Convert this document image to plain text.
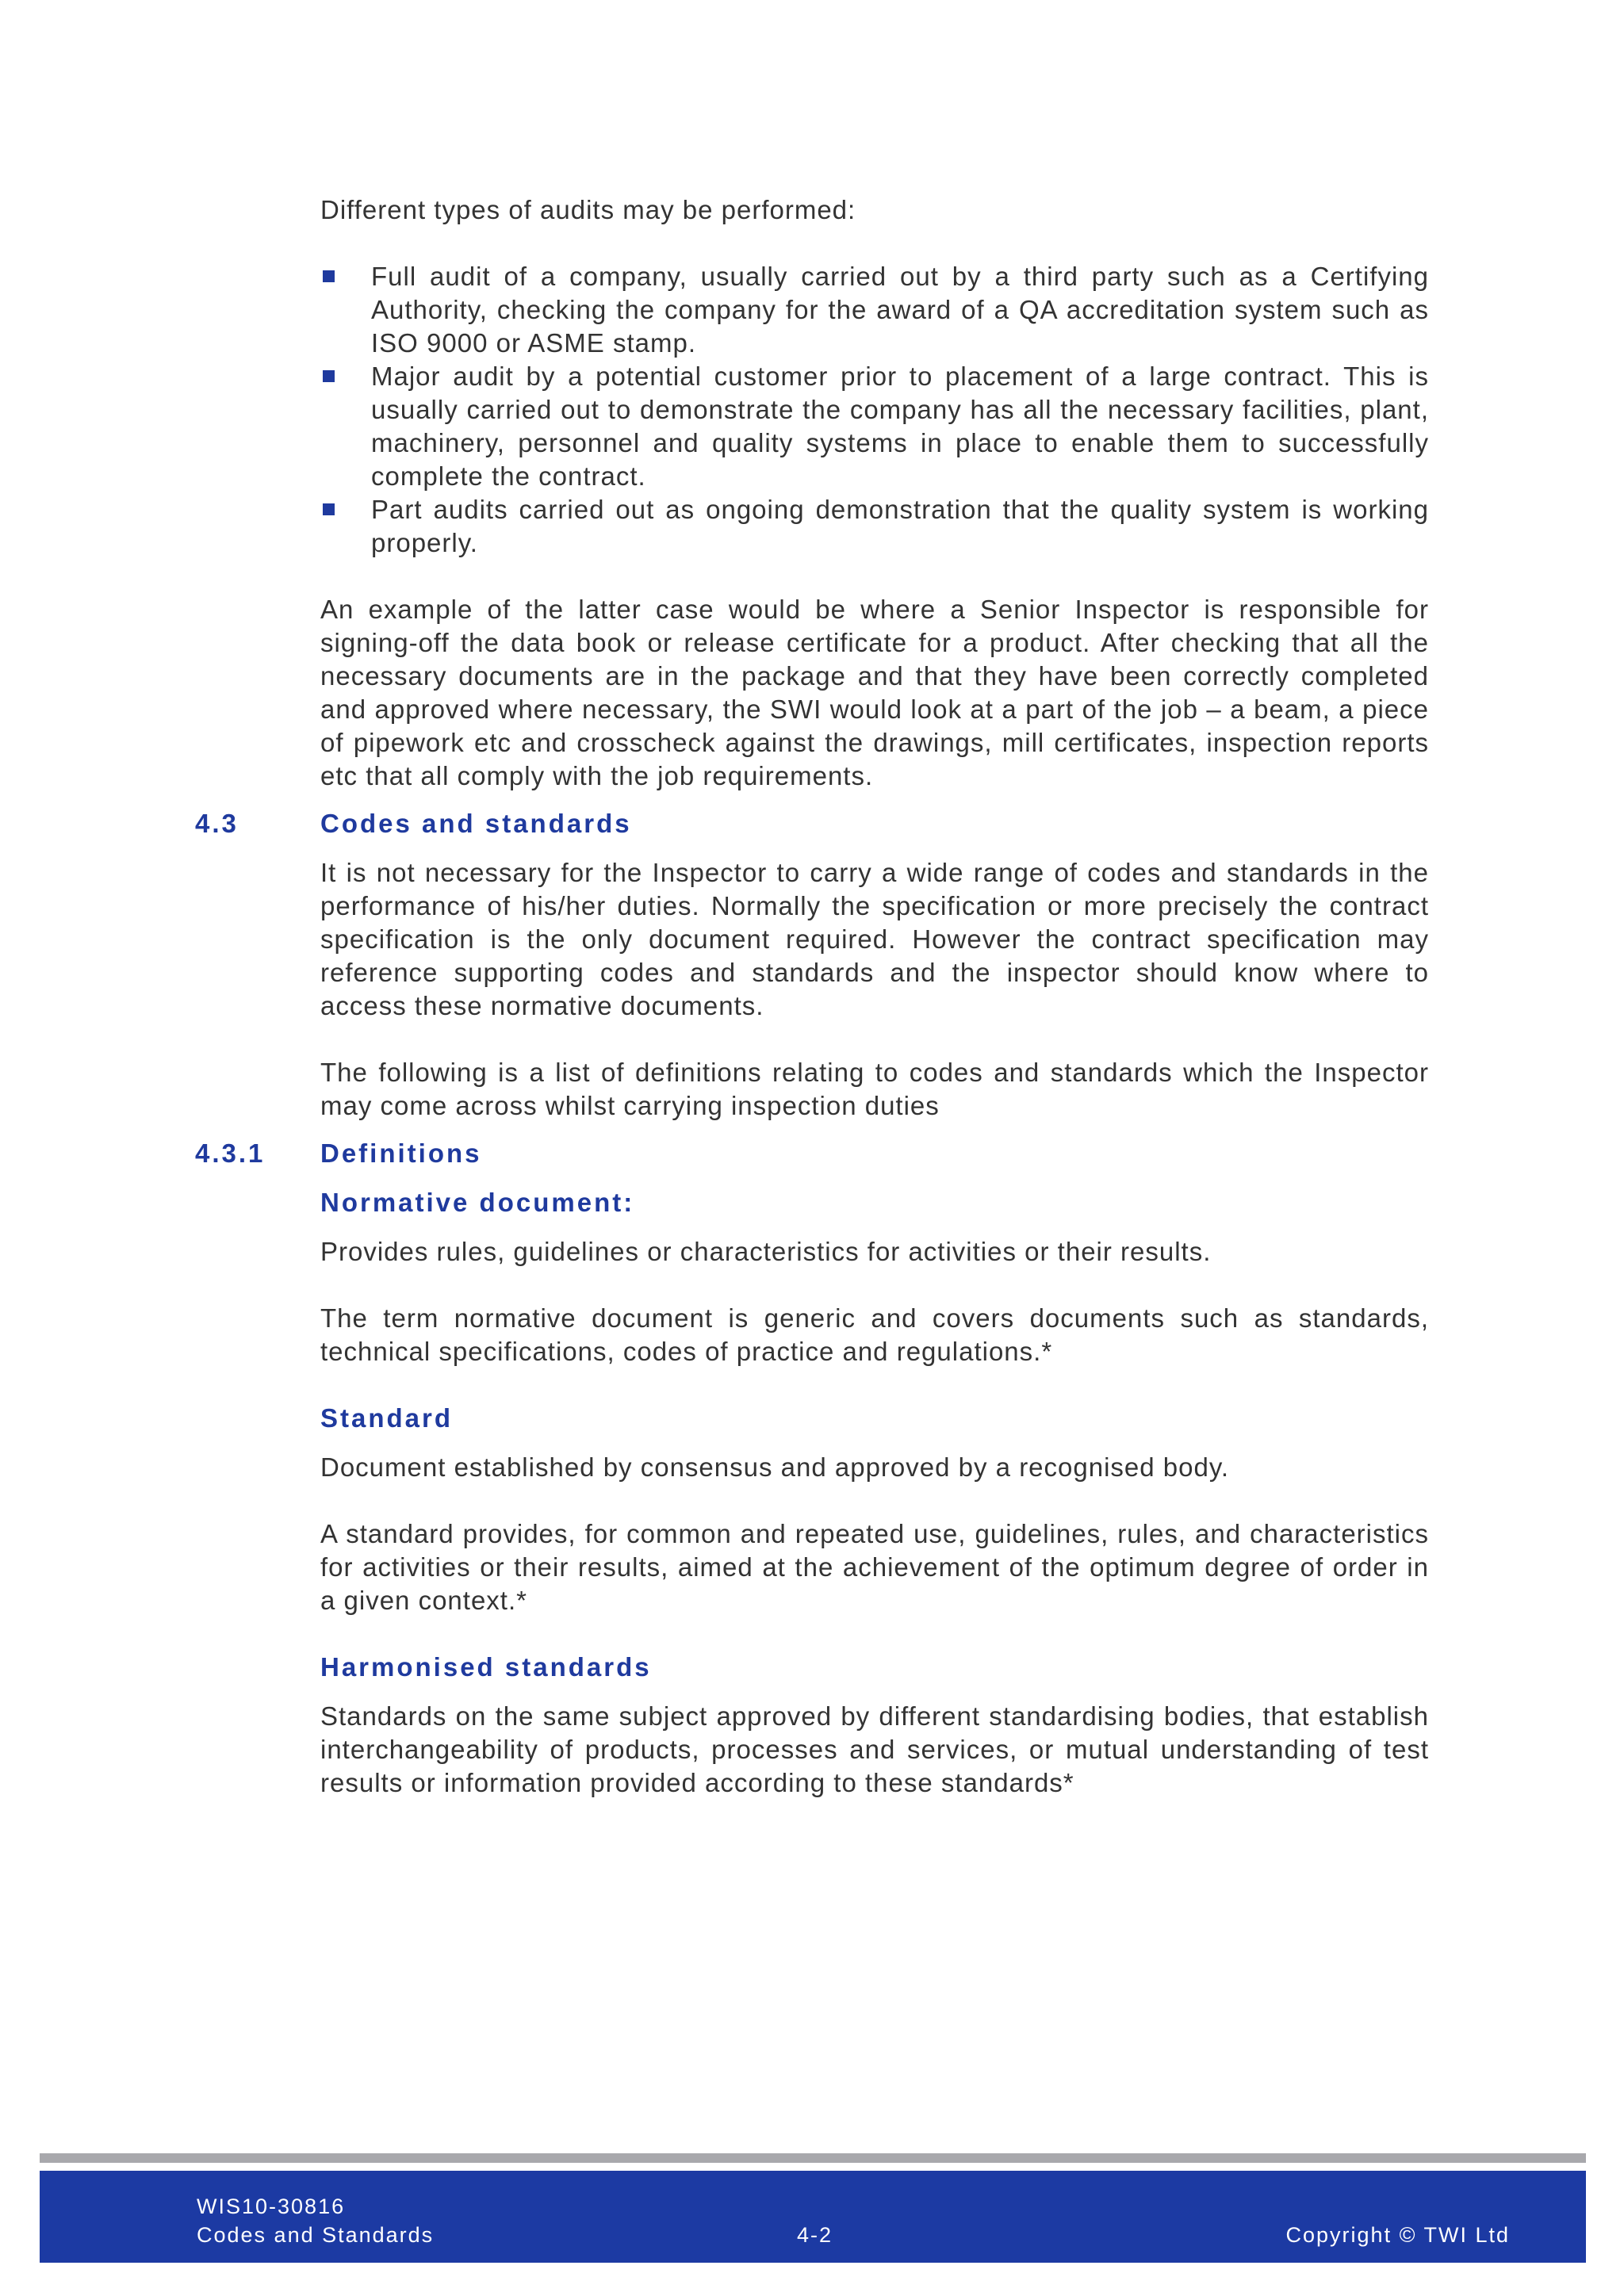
Different types of audits may be performed:

Full audit of a company, usually carried out by a third party such as a Certifying Authority, checking the company for the award of a QA accreditation system such as ISO 9000 or ASME stamp.
Major audit by a potential customer prior to placement of a large contract. This is usually carried out to demonstrate the company has all the necessary facilities, plant, machinery, personnel and quality systems in place to enable them to successfully complete the contract.
Part audits carried out as ongoing demonstration that the quality system is working properly.

An example of the latter case would be where a Senior Inspector is responsible for signing-off the data book or release certificate for a product. After checking that all the necessary documents are in the package and that they have been correctly completed and approved where necessary, the SWI would look at a part of the job – a beam, a piece of pipework etc and crosscheck against the drawings, mill certificates, inspection reports etc that all comply with the job requirements.

4.3	Codes and standards

It is not necessary for the Inspector to carry a wide range of codes and standards in the performance of his/her duties. Normally the specification or more precisely the contract specification is the only document required. However the contract specification may reference supporting codes and standards and the inspector should know where to access these normative documents.

The following is a list of definitions relating to codes and standards which the Inspector may come across whilst carrying inspection duties

4.3.1 Definitions
Normative document:

Provides rules, guidelines or characteristics for activities or their results.

The term normative document is generic and covers documents such as standards, technical specifications, codes of practice and regulations.*

Standard

Document established by consensus and approved by a recognised body.

A standard provides, for common and repeated use, guidelines, rules, and characteristics for activities or their results, aimed at the achievement of the optimum degree of order in a given context.*

Harmonised standards

Standards on the same subject approved by different standardising bodies, that establish interchangeability of products, processes and services, or mutual understanding of test results or information provided according to these standards*

WIS10-30816
Codes and Standards	4-2	Copyright © TWI Ltd
